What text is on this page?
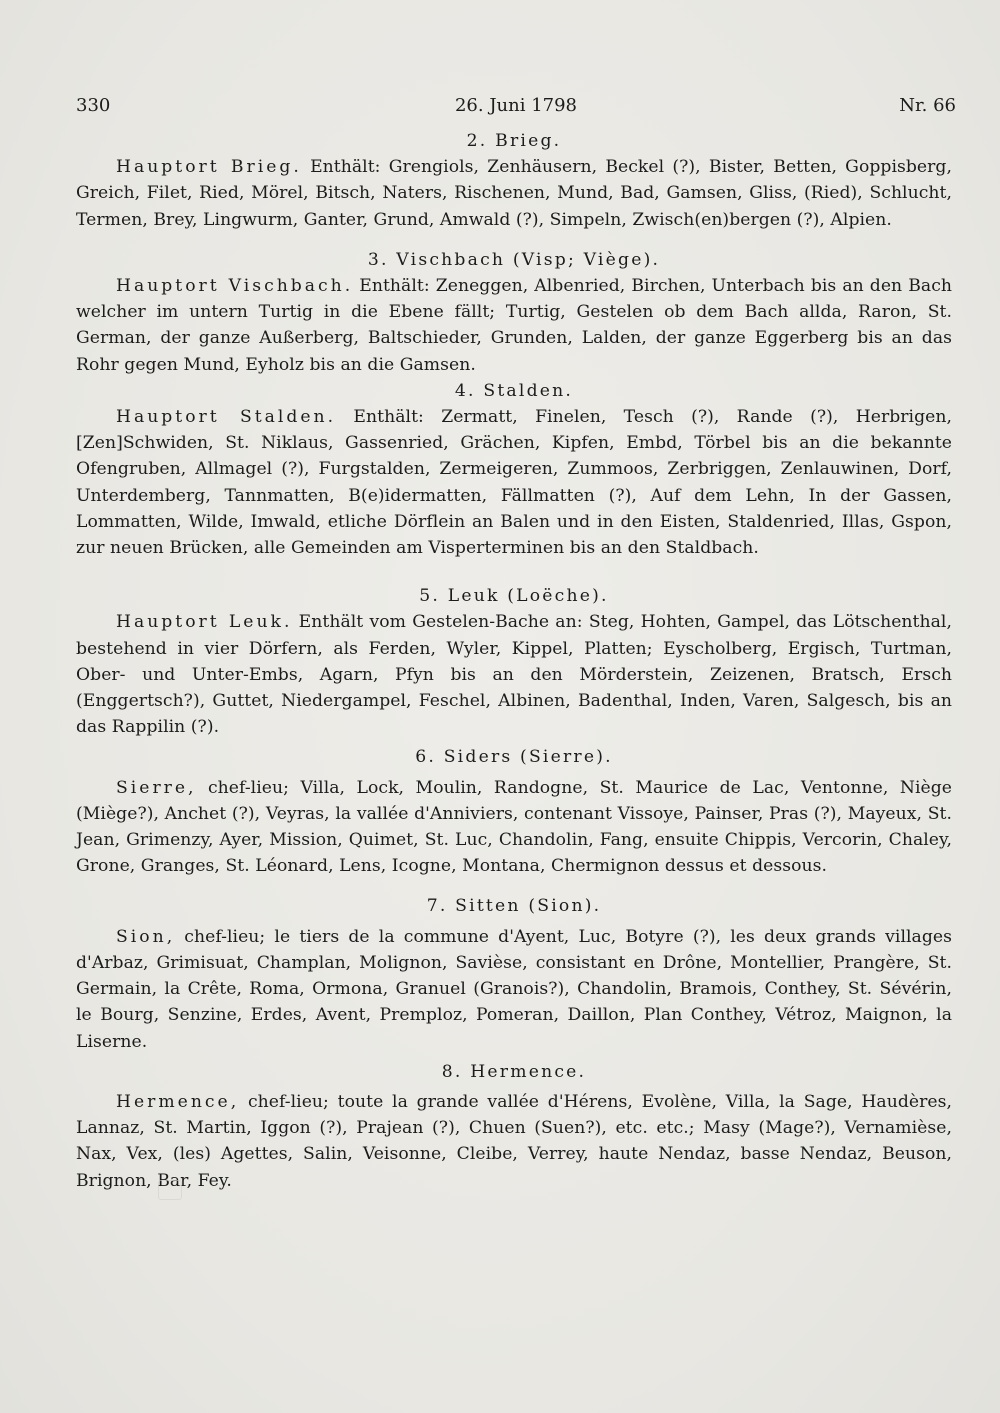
330	26. Juni 1798	Nr. 66

2. Brieg.

Hauptort Brieg. Enthält: Grengiols, Zenhäusern, Beckel (?), Bister, Betten, Goppisberg, Greich, Filet, Ried, Mörel, Bitsch, Naters, Rischenen, Mund, Bad, Gamsen, Gliss, (Ried), Schlucht, Termen, Brey, Lingwurm, Ganter, Grund, Amwald (?), Simpeln, Zwisch(en)bergen (?), Alpien.

3. Vischbach (Visp; Viège).

Hauptort Vischbach. Enthält: Zeneggen, Albenried, Birchen, Unterbach bis an den Bach welcher im untern Turtig in die Ebene fällt; Turtig, Gestelen ob dem Bach allda, Raron, St. German, der ganze Außerberg, Baltschieder, Grunden, Lalden, der ganze Eggerberg bis an das Rohr gegen Mund, Eyholz bis an die Gamsen.

4. Stalden.

Hauptort Stalden. Enthält: Zermatt, Finelen, Tesch (?), Rande (?), Herbrigen, [Zen]Schwiden, St. Niklaus, Gassenried, Grächen, Kipfen, Embd, Törbel bis an die bekannte Ofengruben, Allmagel (?), Furgstalden, Zermeigeren, Zummoos, Zerbriggen, Zenlauwinen, Dorf, Unterdemberg, Tannmatten, B(e)idermatten, Fällmatten (?), Auf dem Lehn, In der Gassen, Lommatten, Wilde, Imwald, etliche Dörflein an Balen und in den Eisten, Staldenried, Illas, Gspon, zur neuen Brücken, alle Gemeinden am Visperterminen bis an den Staldbach.

5. Leuk (Loëche).

Hauptort Leuk. Enthält vom Gestelen-Bache an: Steg, Hohten, Gampel, das Lötschenthal, bestehend in vier Dörfern, als Ferden, Wyler, Kippel, Platten; Eyscholberg, Ergisch, Turtman, Ober- und Unter-Embs, Agarn, Pfyn bis an den Mörderstein, Zeizenen, Bratsch, Ersch (Enggertsch?), Guttet, Niedergampel, Feschel, Albinen, Badenthal, Inden, Varen, Salgesch, bis an das Rappilin (?).

6. Siders (Sierre).

Sierre, chef-lieu; Villa, Lock, Moulin, Randogne, St. Maurice de Lac, Ventonne, Niège (Miège?), Anchet (?), Veyras, la vallée d'Anniviers, contenant Vissoye, Painser, Pras (?), Mayeux, St. Jean, Grimenzy, Ayer, Mission, Quimet, St. Luc, Chandolin, Fang, ensuite Chippis, Vercorin, Chaley, Grone, Granges, St. Léonard, Lens, Icogne, Montana, Chermignon dessus et dessous.

7. Sitten (Sion).

Sion, chef-lieu; le tiers de la commune d'Ayent, Luc, Botyre (?), les deux grands villages d'Arbaz, Grimisuat, Champlan, Molignon, Savièse, consistant en Drône, Montellier, Prangère, St. Germain, la Crête, Roma, Ormona, Granuel (Granois?), Chandolin, Bramois, Conthey, St. Sévérin, le Bourg, Senzine, Erdes, Avent, Premploz, Pomeran, Daillon, Plan Conthey, Vétroz, Maignon, la Liserne.

8. Hermence.

Hermence, chef-lieu; toute la grande vallée d'Hérens, Evolène, Villa, la Sage, Haudères, Lannaz, St. Martin, Iggon (?), Prajean (?), Chuen (Suen?), etc. etc.; Masy (Mage?), Vernamièse, Nax, Vex, (les) Agettes, Salin, Veisonne, Cleibe, Verrey, haute Nendaz, basse Nendaz, Beuson, Brignon, Bar, Fey.
